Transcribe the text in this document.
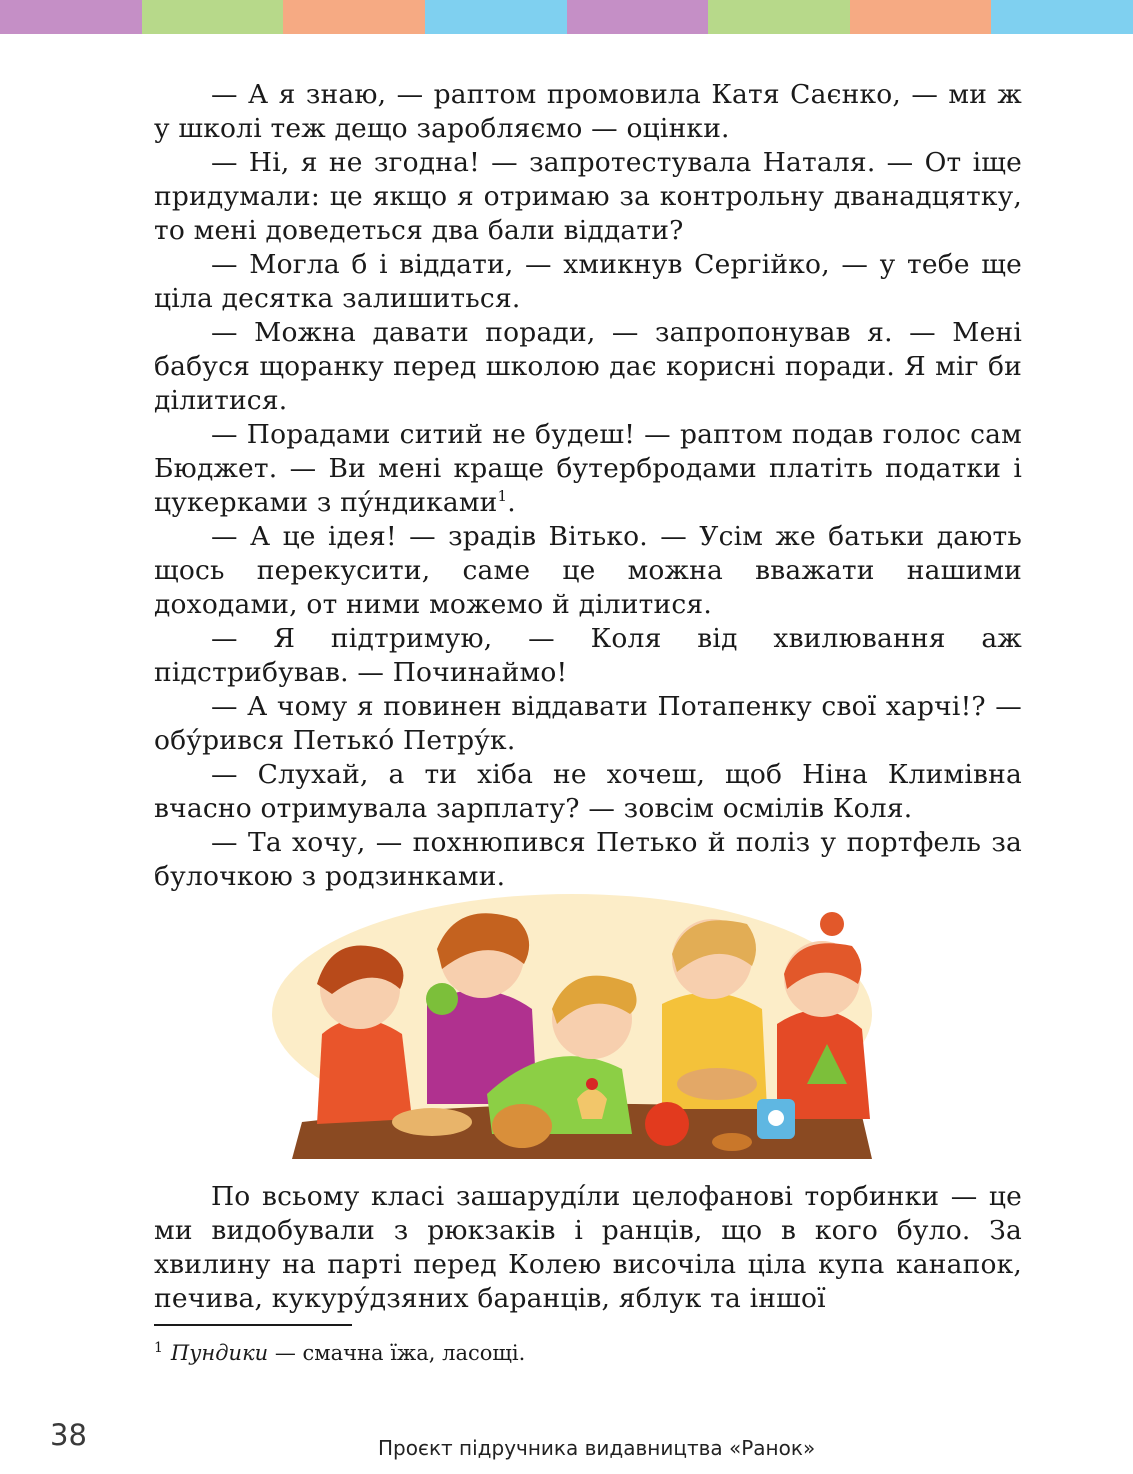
— А я знаю, — раптом промовила Катя Саєнко, — ми ж у школі теж дещо заробляємо — оцінки.

— Ні, я не згодна! — запротестувала Наталя. — От іще придумали: це якщо я отримаю за контрольну дванадцятку, то мені доведеться два бали віддати?

— Могла б і віддати, — хмикнув Сергійко, — у тебе ще ціла десятка залишиться.

— Можна давати поради, — запропонував я. — Мені бабуся щоранку перед школою дає корисні поради. Я міг би ділитися.

— Порадами ситий не будеш! — раптом подав голос сам Бюджет. — Ви мені краще бутербродами платіть податки і цукерками з пу́ндиками$^1$.

— А це ідея! — зрадів Вітько. — Усім же батьки дають щось перекусити, саме це можна вважати нашими доходами, от ними можемо й ділитися.

— Я підтримую, — Коля від хвилювання аж підстрибував. — Починаймо!

— А чому я повинен віддавати Потапенку свої харчі!? — обу́рився Петько́ Петру́к.

— Слухай, а ти хіба не хочеш, щоб Ніна Климівна вчасно отримувала зарплату? — зовсім осмілів Коля.

— Та хочу, — похнюпився Петько й поліз у портфель за булочкою з родзинками.

По всьому класі зашаруді́ли целофанові торбинки — це ми видобували з рюкзаків і ранців, що в кого було. За хвилину на парті перед Колею височіла ціла купа канапок, печива, кукуру́дзяних баранців, яблук та іншої

$^1$ Пундики — смачна їжа, ласощі.
38	Проєкт підручника видавництва «Ранок»
